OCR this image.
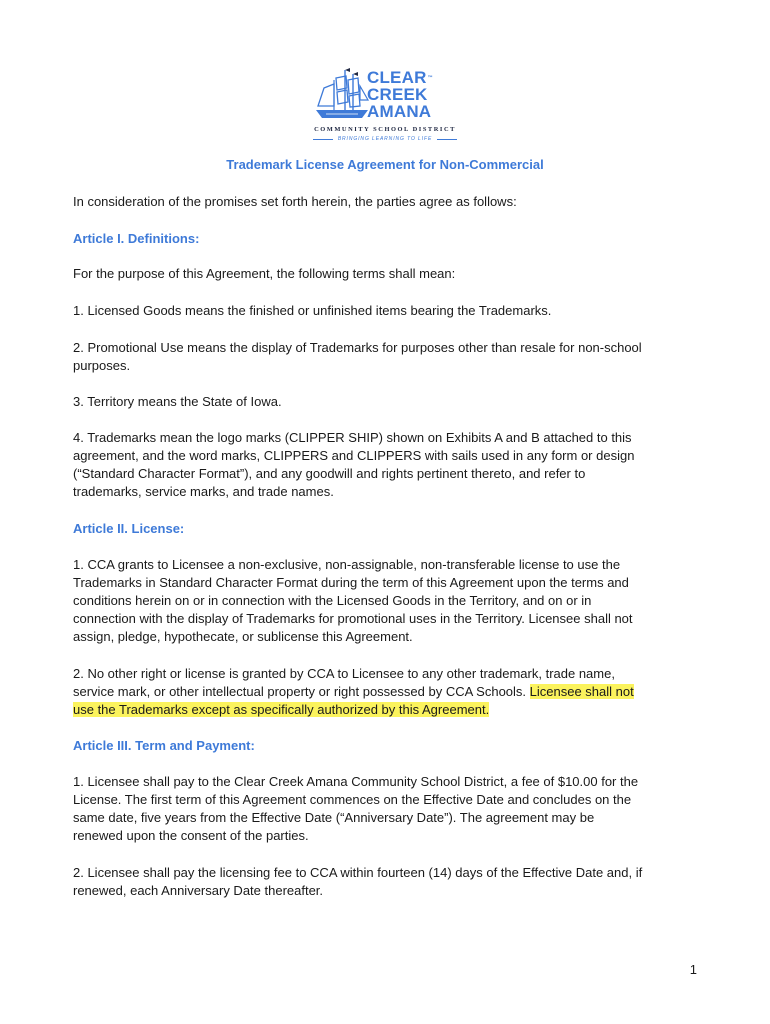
CLEAR™
CREEK
AMANA
COMMUNITY SCHOOL DISTRICT
BRINGING LEARNING TO LIFE
Trademark License Agreement for Non-Commercial

In consideration of the promises set forth herein, the parties agree as follows:

Article I. Definitions:

For the purpose of this Agreement, the following terms shall mean:

1. Licensed Goods means the finished or unfinished items bearing the Trademarks.

2. Promotional Use means the display of Trademarks for purposes other than resale for non-school

purposes.

3. Territory means the State of Iowa.

4. Trademarks mean the logo marks (CLIPPER SHIP) shown on Exhibits A and B attached to this

agreement, and the word marks, CLIPPERS and CLIPPERS with sails used in any form or design

(“Standard Character Format”), and any goodwill and rights pertinent thereto, and refer to

trademarks, service marks, and trade names.

Article II. License:

1. CCA grants to Licensee a non-exclusive, non-assignable, non-transferable license to use the

Trademarks in Standard Character Format during the term of this Agreement upon the terms and

conditions herein on or in connection with the Licensed Goods in the Territory, and on or in

connection with the display of Trademarks for promotional uses in the Territory. Licensee shall not

assign, pledge, hypothecate, or sublicense this Agreement.

2. No other right or license is granted by CCA to Licensee to any other trademark, trade name,

service mark, or other intellectual property or right possessed by CCA Schools. Licensee shall not

use the Trademarks except as specifically authorized by this Agreement.

Article III. Term and Payment:

1. Licensee shall pay to the Clear Creek Amana Community School District, a fee of $10.00 for the

License. The first term of this Agreement commences on the Effective Date and concludes on the

same date, five years from the Effective Date (“Anniversary Date”). The agreement may be

renewed upon the consent of the parties.

2. Licensee shall pay the licensing fee to CCA within fourteen (14) days of the Effective Date and, if

renewed, each Anniversary Date thereafter.

1
